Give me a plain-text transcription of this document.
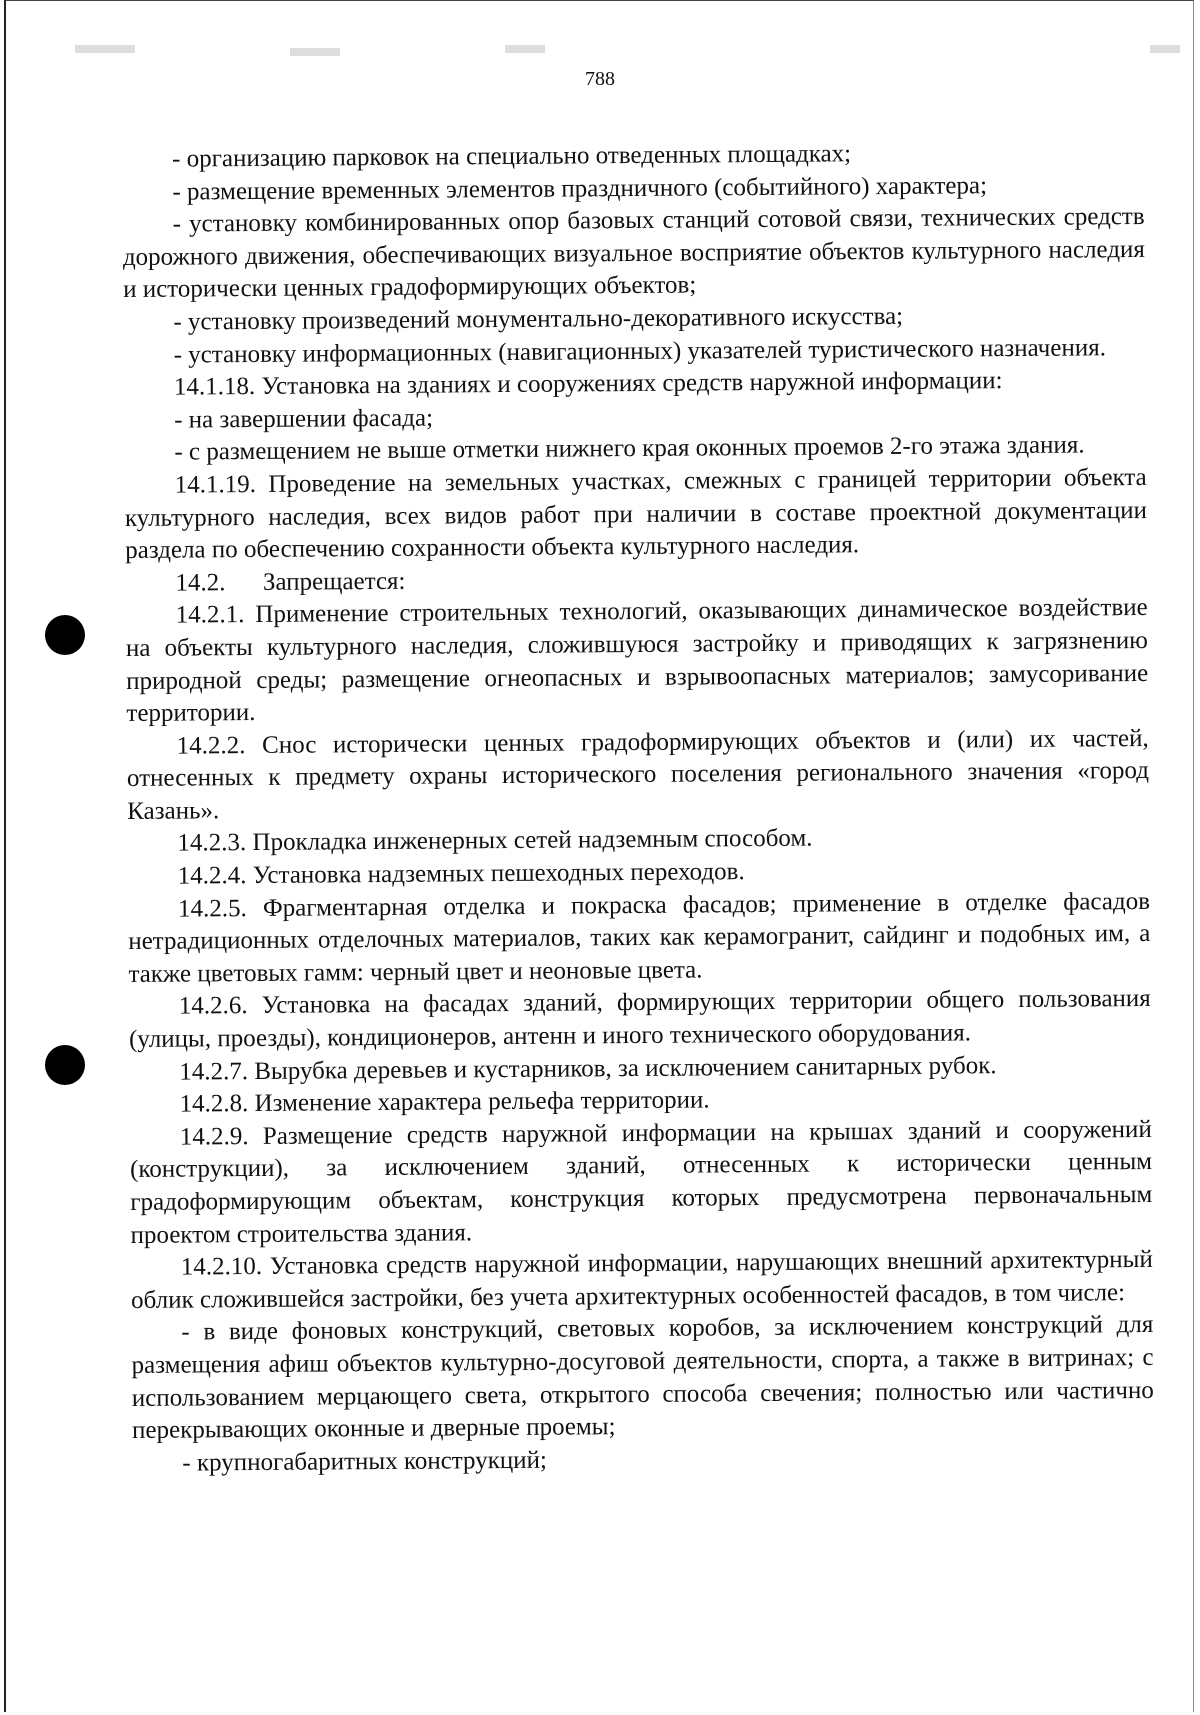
788

- организацию парковок на специально отведенных площадках;

- размещение временных элементов праздничного (событийного) характера;

- установку комбинированных опор базовых станций сотовой связи, технических средств дорожного движения, обеспечивающих визуальное восприятие объектов культурного наследия и исторически ценных градоформирующих объектов;

- установку произведений монументально-декоративного искусства;

- установку информационных (навигационных) указателей туристического назначения.

14.1.18. Установка на зданиях и сооружениях средств наружной информации:

- на завершении фасада;

- с размещением не выше отметки нижнего края оконных проемов 2-го этажа здания.

14.1.19. Проведение на земельных участках, смежных с границей территории объекта культурного наследия, всех видов работ при наличии в составе проектной документации раздела по обеспечению сохранности объекта культурного наследия.

14.2.  Запрещается:

14.2.1. Применение строительных технологий, оказывающих динамическое воздействие на объекты культурного наследия, сложившуюся застройку и приводящих к загрязнению природной среды; размещение огнеопасных и взрывоопасных материалов; замусоривание территории.

14.2.2. Снос исторически ценных градоформирующих объектов и (или) их частей, отнесенных к предмету охраны исторического поселения регионального значения «город Казань».

14.2.3. Прокладка инженерных сетей надземным способом.

14.2.4. Установка надземных пешеходных переходов.

14.2.5. Фрагментарная отделка и покраска фасадов; применение в отделке фасадов нетрадиционных отделочных материалов, таких как керамогранит, сайдинг и подобных им, а также цветовых гамм: черный цвет и неоновые цвета.

14.2.6. Установка на фасадах зданий, формирующих территории общего пользования (улицы, проезды), кондиционеров, антенн и иного технического оборудования.

14.2.7. Вырубка деревьев и кустарников, за исключением санитарных рубок.

14.2.8. Изменение характера рельефа территории.

14.2.9. Размещение средств наружной информации на крышах зданий и сооружений (конструкции), за исключением зданий, отнесенных к исторически ценным градоформирующим объектам, конструкция которых предусмотрена первоначальным проектом строительства здания.

14.2.10. Установка средств наружной информации, нарушающих внешний архитектурный облик сложившейся застройки, без учета архитектурных особенностей фасадов, в том числе:

- в виде фоновых конструкций, световых коробов, за исключением конструкций для размещения афиш объектов культурно-досуговой деятельности, спорта, а также в витринах; с использованием мерцающего света, открытого способа свечения; полностью или частично перекрывающих оконные и дверные проемы;

- крупногабаритных конструкций;
